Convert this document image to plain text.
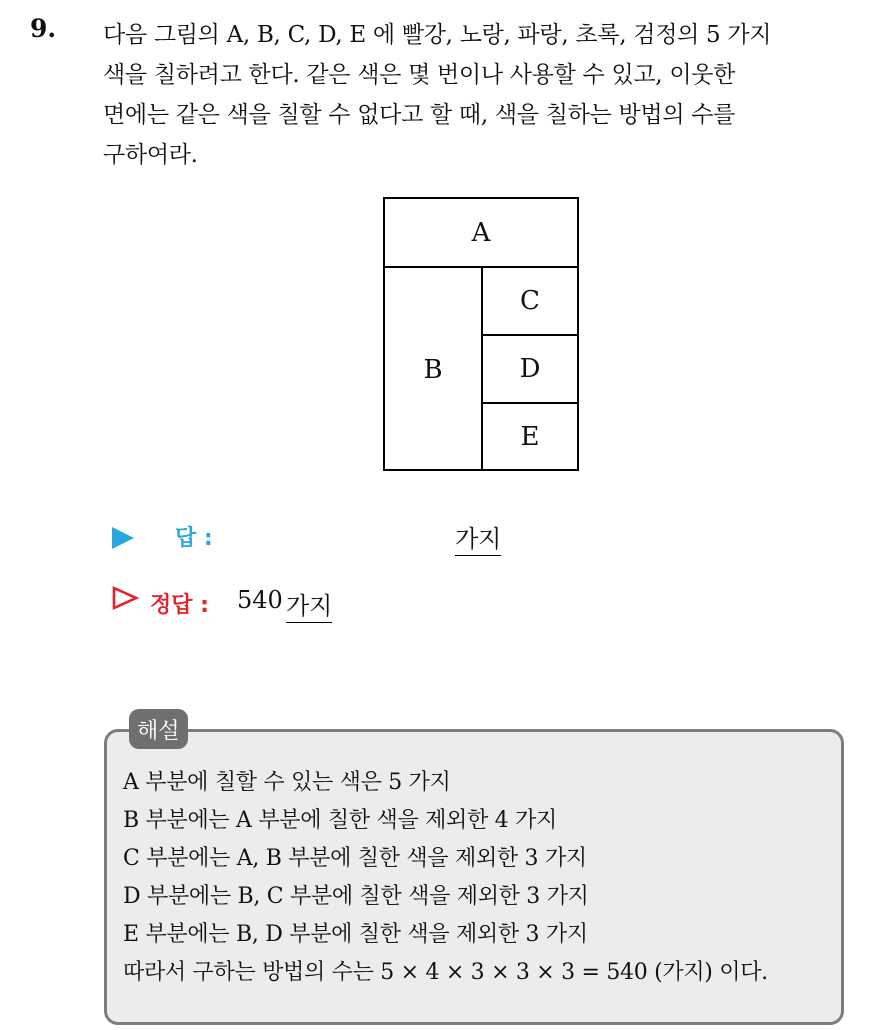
9. 다음 그림의 A, B, C, D, E 에 빨강, 노랑, 파랑, 초록, 검정의 5 가지
색을 칠하려고 한다. 같은 색은 몇 번이나 사용할 수 있고, 이웃한
면에는 같은 색을 칠할 수 없다고 할 때, 색을 칠하는 방법의 수를
구하여라.
A
B
C
D
E
답 :	가지
정답 : 540 가지
해설
A 부분에 칠할 수 있는 색은 5 가지
B 부분에는 A 부분에 칠한 색을 제외한 4 가지
C 부분에는 A, B 부분에 칠한 색을 제외한 3 가지
D 부분에는 B, C 부분에 칠한 색을 제외한 3 가지
E 부분에는 B, D 부분에 칠한 색을 제외한 3 가지
따라서 구하는 방법의 수는 5 × 4 × 3 × 3 × 3 = 540 (가지) 이다.
